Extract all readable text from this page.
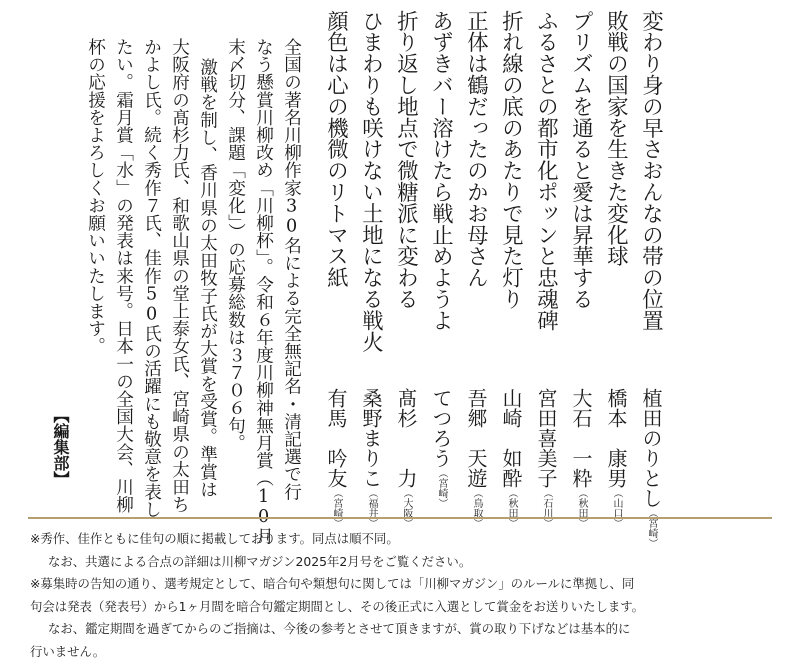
変わり身の早さおんなの帯の位置
敗戦の国家を生きた変化球
プリズムを通ると愛は昇華する
ふるさとの都市化ポッンと忠魂碑
折れ線の底のあたりで見た灯り
正体は鶴だったのかお母さん
あずきバー溶けたら戦止めようよ
折り返し地点で微糖派に変わる
ひまわりも咲けない土地になる戦火
顔色は心の機微のリトマス紙
植田のりとし（宮崎）
橋本　康男（山口）
大石　一粋（秋田）
宮田喜美子（石川）
山崎　如酔（秋田）
吾郷　天遊（鳥取）
てつろう（宮崎）
髙杉　　力（大阪）
桑野まりこ（福井）
有馬　吟友（宮崎）
全国の著名川柳作家30名による完全無記名・清記選で行
なう懸賞川柳改め「川柳杯」。令和６年度川柳神無月賞（10月
末〆切分、課題「変化」）の応募総数は３７０６句。
激戦を制し、香川県の太田牧子氏が大賞を受賞。準賞は
大阪府の髙杉力氏、和歌山県の堂上泰女氏、宮崎県の太田ち
かよし氏。続く秀作７氏、佳作50氏の活躍にも敬意を表し
たい。霜月賞「水」の発表は来号。日本一の全国大会、川柳
杯の応援をよろしくお願いいたします。
【編集部】

※秀作、佳作ともに佳句の順に掲載しております。同点は順不同。

なお、共選による合点の詳細は川柳マガジン2025年2月号をご覧ください。

※募集時の告知の通り、選考規定として、暗合句や類想句に関しては「川柳マガジン」のルールに準拠し、同

句会は発表（発表号）から1ヶ月間を暗合句鑑定期間とし、その後正式に入選として賞金をお送りいたします。

なお、鑑定期間を過ぎてからのご指摘は、今後の参考とさせて頂きますが、賞の取り下げなどは基本的に

行いません。
